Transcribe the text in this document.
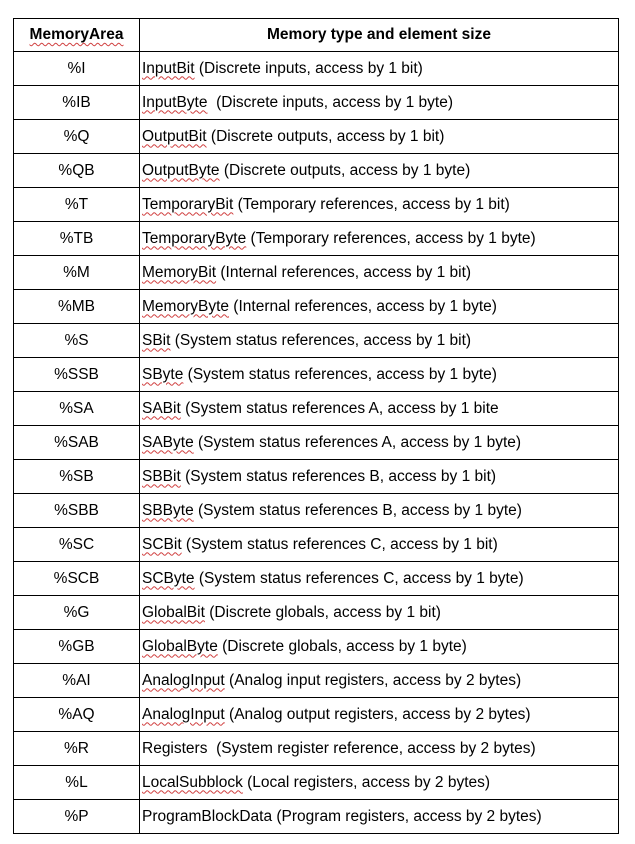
MemoryArea	Memory type and element size
%I	InputBit (Discrete inputs, access by 1 bit)
%IB	InputByte  (Discrete inputs, access by 1 byte)
%Q	OutputBit (Discrete outputs, access by 1 bit)
%QB	OutputByte (Discrete outputs, access by 1 byte)
%T	TemporaryBit (Temporary references, access by 1 bit)
%TB	TemporaryByte (Temporary references, access by 1 byte)
%M	MemoryBit (Internal references, access by 1 bit)
%MB	MemoryByte (Internal references, access by 1 byte)
%S	SBit (System status references, access by 1 bit)
%SSB	SByte (System status references, access by 1 byte)
%SA	SABit (System status references A, access by 1 bite
%SAB	SAByte (System status references A, access by 1 byte)
%SB	SBBit (System status references B, access by 1 bit)
%SBB	SBByte (System status references B, access by 1 byte)
%SC	SCBit (System status references C, access by 1 bit)
%SCB	SCByte (System status references C, access by 1 byte)
%G	GlobalBit (Discrete globals, access by 1 bit)
%GB	GlobalByte (Discrete globals, access by 1 byte)
%AI	AnalogInput (Analog input registers, access by 2 bytes)
%AQ	AnalogInput (Analog output registers, access by 2 bytes)
%R	Registers  (System register reference, access by 2 bytes)
%L	LocalSubblock (Local registers, access by 2 bytes)
%P	ProgramBlockData (Program registers, access by 2 bytes)
